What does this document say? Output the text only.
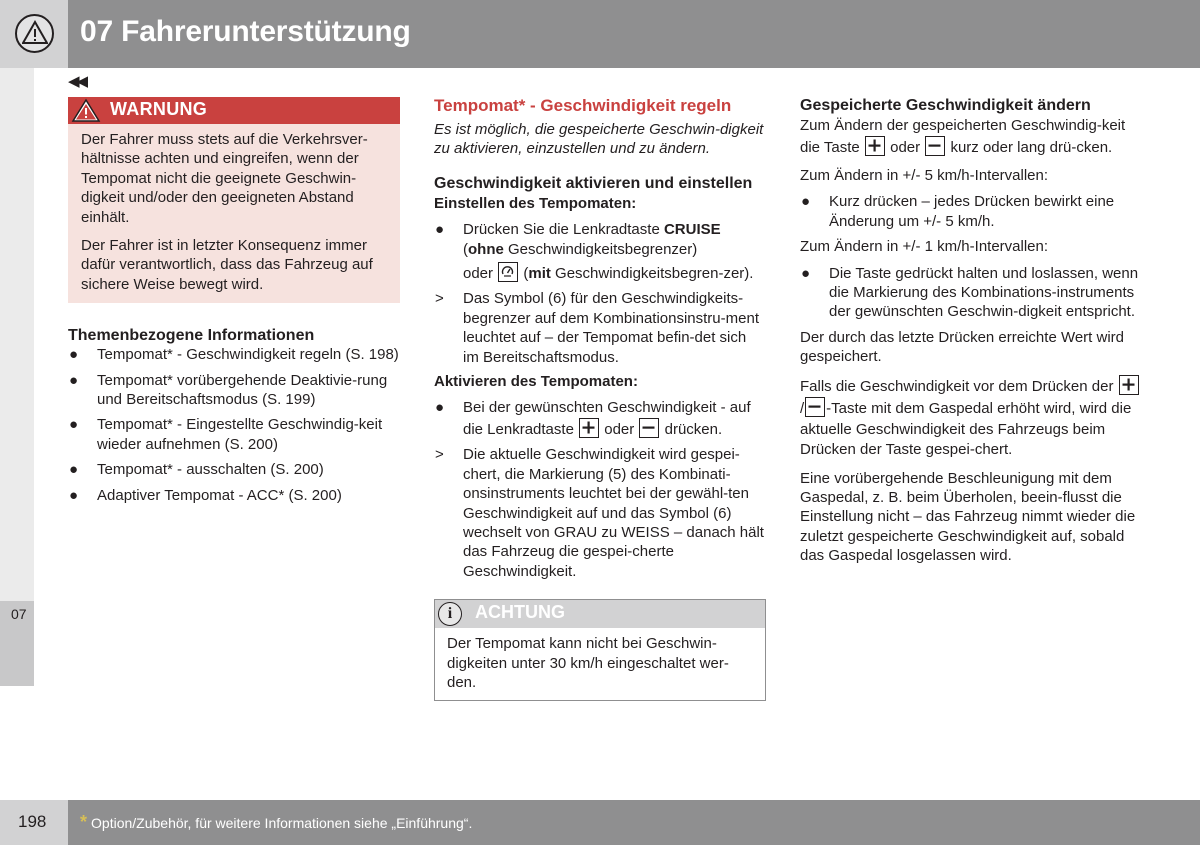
07 Fahrerunterstützung
07
◀◀
WARNUNG

Der Fahrer muss stets auf die Verkehrsver-hältnisse achten und eingreifen, wenn der Tempomat nicht die geeignete Geschwin-digkeit und/oder den geeigneten Abstand einhält.

Der Fahrer ist in letzter Konsequenz immer dafür verantwortlich, dass das Fahrzeug auf sichere Weise bewegt wird.

Themenbezogene Informationen
● Tempomat* - Geschwindigkeit regeln (S. 198)
● Tempomat* vorübergehende Deaktivie-rung und Bereitschaftsmodus (S. 199)
● Tempomat* - Eingestellte Geschwindig-keit wieder aufnehmen (S. 200)
● Tempomat* - ausschalten (S. 200)
● Adaptiver Tempomat - ACC* (S. 200)
Tempomat* - Geschwindigkeit regeln

Es ist möglich, die gespeicherte Geschwin-digkeit zu aktivieren, einzustellen und zu ändern.

Geschwindigkeit aktivieren und einstellen
Einstellen des Tempomaten:
● Drücken Sie die Lenkradtaste CRUISE
(ohne Geschwindigkeitsbegrenzer)
oder
(mit Geschwindigkeitsbegren-zer).
> Das Symbol (6) für den Geschwindigkeits-begrenzer auf dem Kombinationsinstru-ment leuchtet auf – der Tempomat befin-det sich im Bereitschaftsmodus.
Aktivieren des Tempomaten:
● Bei der gewünschten Geschwindigkeit - auf die Lenkradtaste
oder
drücken.
> Die aktuelle Geschwindigkeit wird gespei-chert, die Markierung (5) des Kombinati-onsinstruments leuchtet bei der gewähl-ten Geschwindigkeit auf und das Symbol (6) wechselt von GRAU zu WEISS – danach hält das Fahrzeug die gespei-cherte Geschwindigkeit.
i	ACHTUNG
Der Tempomat kann nicht bei Geschwin-digkeiten unter 30 km/h eingeschaltet wer-den.
Gespeicherte Geschwindigkeit ändern

Zum Ändern der gespeicherten Geschwindig-keit die Taste
oder
kurz oder lang drü-cken.

Zum Ändern in +/- 5 km/h-Intervallen:

● Kurz drücken – jedes Drücken bewirkt eine Änderung um +/- 5 km/h.

Zum Ändern in +/- 1 km/h-Intervallen:

● Die Taste gedrückt halten und loslassen, wenn die Markierung des Kombinations-instruments der gewünschten Geschwin-digkeit entspricht.

Der durch das letzte Drücken erreichte Wert wird gespeichert.

Falls die Geschwindigkeit vor dem Drücken der
/ -Taste mit dem Gaspedal erhöht wird, wird die aktuelle Geschwindigkeit des Fahrzeugs beim Drücken der Taste gespei-chert.

Eine vorübergehende Beschleunigung mit dem Gaspedal, z. B. beim Überholen, beein-flusst die Einstellung nicht – das Fahrzeug nimmt wieder die zuletzt gespeicherte Geschwindigkeit auf, sobald das Gaspedal losgelassen wird.

198 * Option/Zubehör, für weitere Informationen siehe „Einführung“.
